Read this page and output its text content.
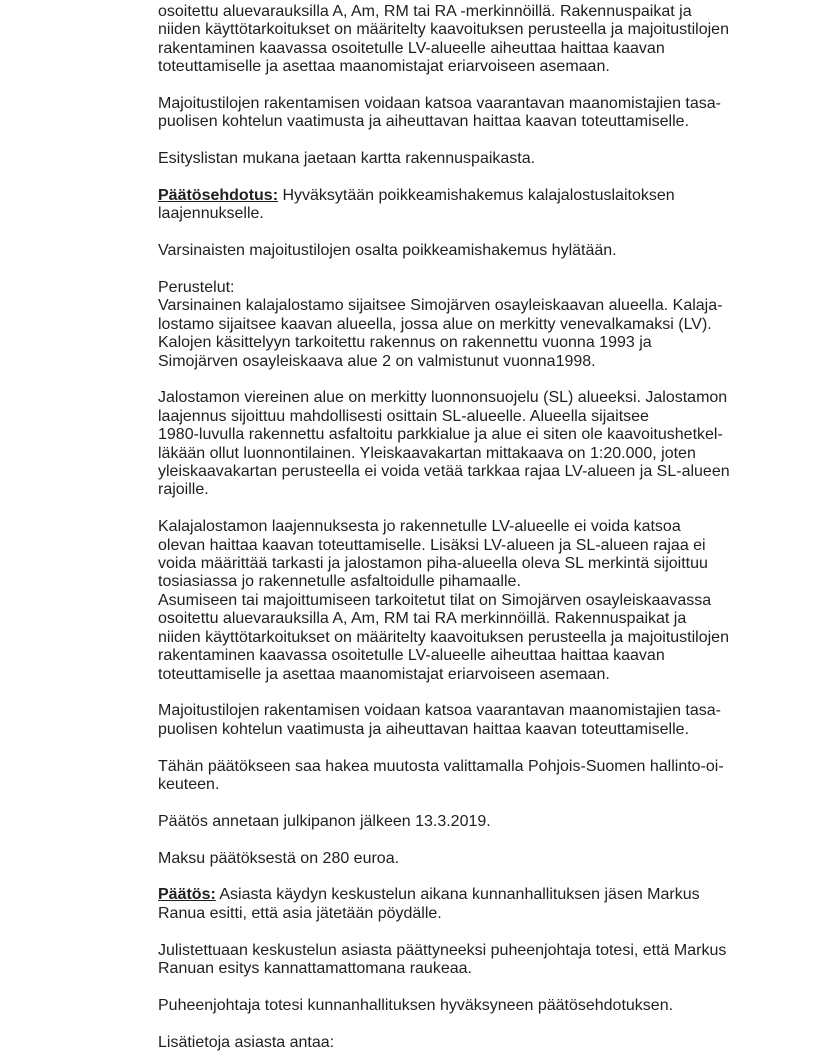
osoitettu aluevarauksilla A, Am, RM tai RA -merkinnöillä. Rakennuspaikat ja
niiden käyttötarkoitukset on määritelty kaavoituksen perusteella ja majoitustilojen
rakentaminen kaavassa osoitetulle LV-alueelle aiheuttaa haittaa kaavan
toteuttamiselle ja asettaa maanomistajat eriarvoiseen asemaan.
Majoitustilojen rakentamisen voidaan katsoa vaarantavan maanomistajien tasa-
puolisen kohtelun vaatimusta ja aiheuttavan haittaa kaavan toteuttamiselle.
Esityslistan mukana jaetaan kartta rakennuspaikasta.
Päätösehdotus: Hyväksytään poikkeamishakemus kalajalostuslaitoksen
laajennukselle.
Varsinaisten majoitustilojen osalta poikkeamishakemus hylätään.
Perustelut:
Varsinainen kalajalostamo sijaitsee Simojärven osayleiskaavan alueella. Kalaja-
lostamo sijaitsee kaavan alueella, jossa alue on merkitty venevalkamaksi (LV).
Kalojen käsittelyyn tarkoitettu rakennus on rakennettu vuonna 1993 ja
Simojärven osayleiskaava alue 2 on valmistunut vuonna1998.
Jalostamon viereinen alue on merkitty luonnonsuojelu (SL) alueeksi. Jalostamon
laajennus sijoittuu mahdollisesti osittain SL-alueelle. Alueella sijaitsee
1980-luvulla rakennettu asfaltoitu parkkialue ja alue ei siten ole kaavoitushetkel-
läkään ollut luonnontilainen. Yleiskaavakartan mittakaava on 1:20.000, joten
yleiskaavakartan perusteella ei voida vetää tarkkaa rajaa LV-alueen ja SL-alueen
rajoille.
Kalajalostamon laajennuksesta jo rakennetulle LV-alueelle ei voida katsoa
olevan haittaa kaavan toteuttamiselle. Lisäksi LV-alueen ja SL-alueen rajaa ei
voida määrittää tarkasti ja jalostamon piha-alueella oleva SL merkintä sijoittuu
tosiasiassa jo rakennetulle asfaltoidulle pihamaalle.
Asumiseen tai majoittumiseen tarkoitetut tilat on Simojärven osayleiskaavassa
osoitettu aluevarauksilla A, Am, RM tai RA merkinnöillä. Rakennuspaikat ja
niiden käyttötarkoitukset on määritelty kaavoituksen perusteella ja majoitustilojen
rakentaminen kaavassa osoitetulle LV-alueelle aiheuttaa haittaa kaavan
toteuttamiselle ja asettaa maanomistajat eriarvoiseen asemaan.
Majoitustilojen rakentamisen voidaan katsoa vaarantavan maanomistajien tasa-
puolisen kohtelun vaatimusta ja aiheuttavan haittaa kaavan toteuttamiselle.
Tähän päätökseen saa hakea muutosta valittamalla Pohjois-Suomen hallinto-oi-
keuteen.
Päätös annetaan julkipanon jälkeen 13.3.2019.
Maksu päätöksestä on 280 euroa.
Päätös: Asiasta käydyn keskustelun aikana kunnanhallituksen jäsen Markus
Ranua esitti, että asia jätetään pöydälle.
Julistettuaan keskustelun asiasta päättyneeksi puheenjohtaja totesi, että Markus
Ranuan esitys kannattamattomana raukeaa.
Puheenjohtaja totesi kunnanhallituksen hyväksyneen päätösehdotuksen.
Lisätietoja asiasta antaa:
